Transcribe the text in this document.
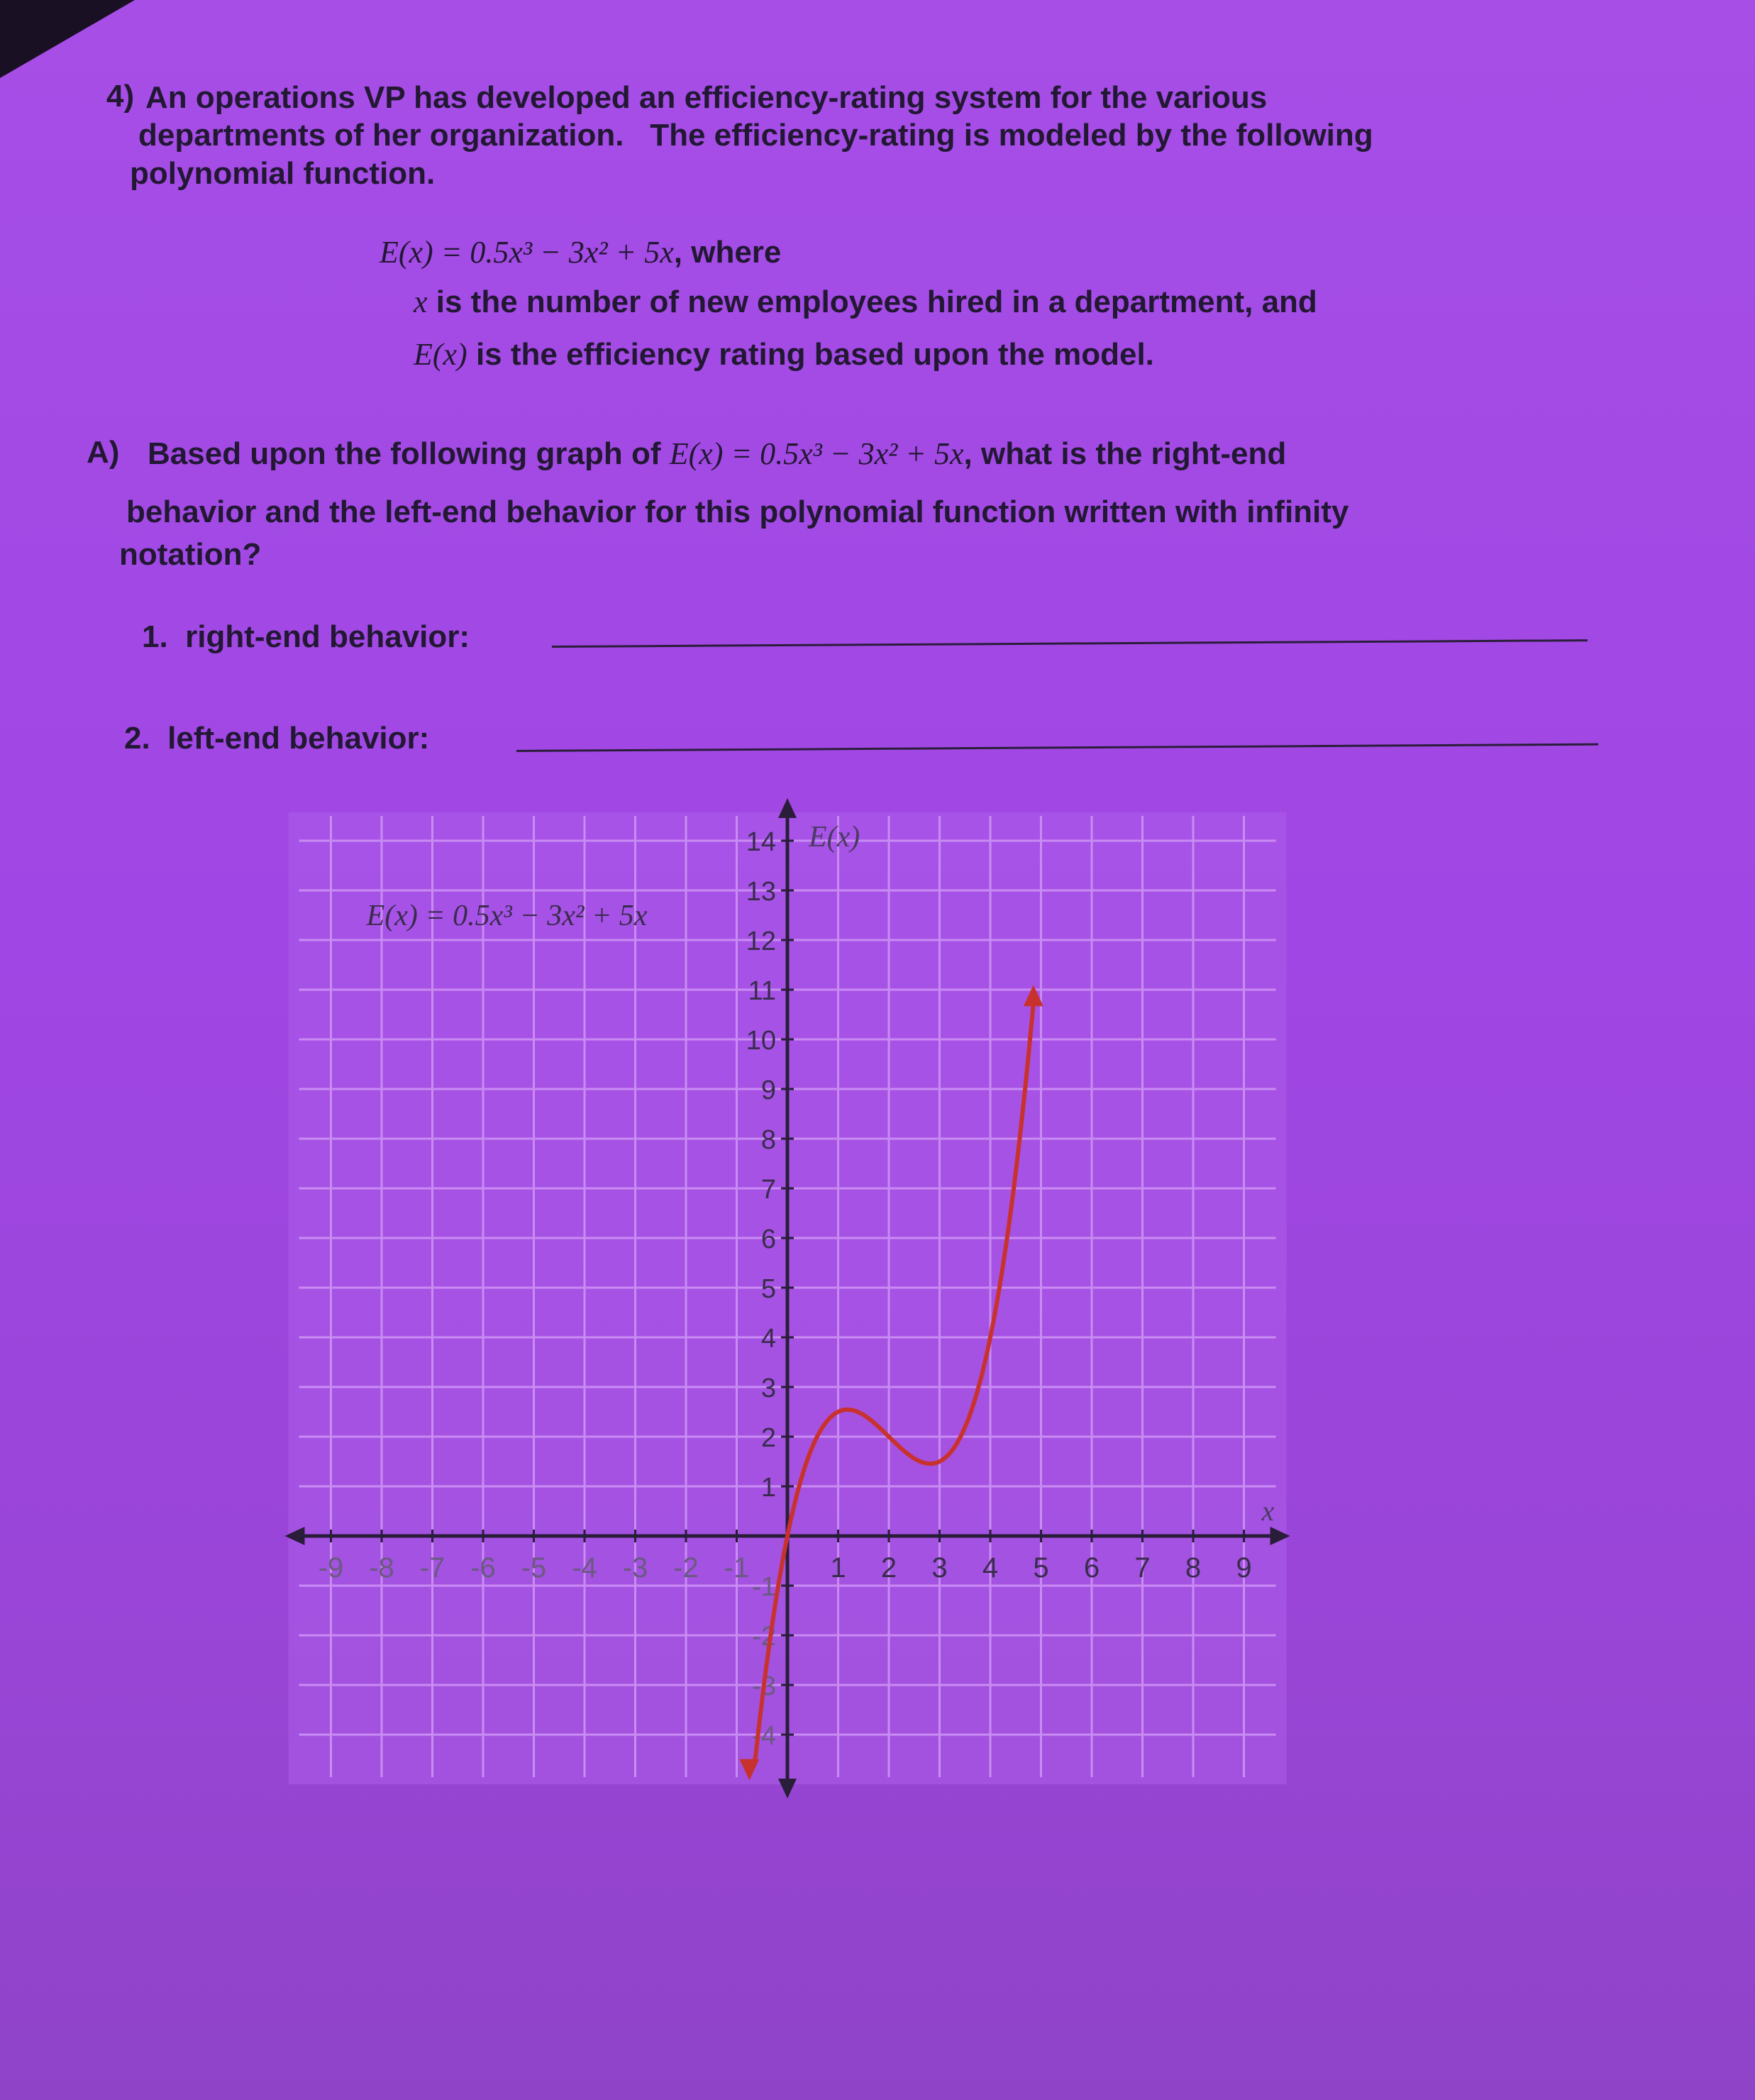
4) An operations VP has developed an efficiency-rating system for the various
departments of her organization.   The efficiency-rating is modeled by the following
polynomial function.
E(x) = 0.5x³ − 3x² + 5x, where
x is the number of new employees hired in a department, and
E(x) is the efficiency rating based upon the model.
A) Based upon the following graph of E(x) = 0.5x³ − 3x² + 5x, what is the right-end
behavior and the left-end behavior for this polynomial function written with infinity
notation?
1.  right-end behavior:
2.  left-end behavior:
-9 -8 -7 -6 -5 -4 -3 -2 -1	1 2 3 4 5 6 7 8 9
14
13
12
11
10
9
8
7
6
5
4
3
2
1
-1
-2
-3
-4
E(x)
x
E(x) = 0.5x³ − 3x² + 5x
